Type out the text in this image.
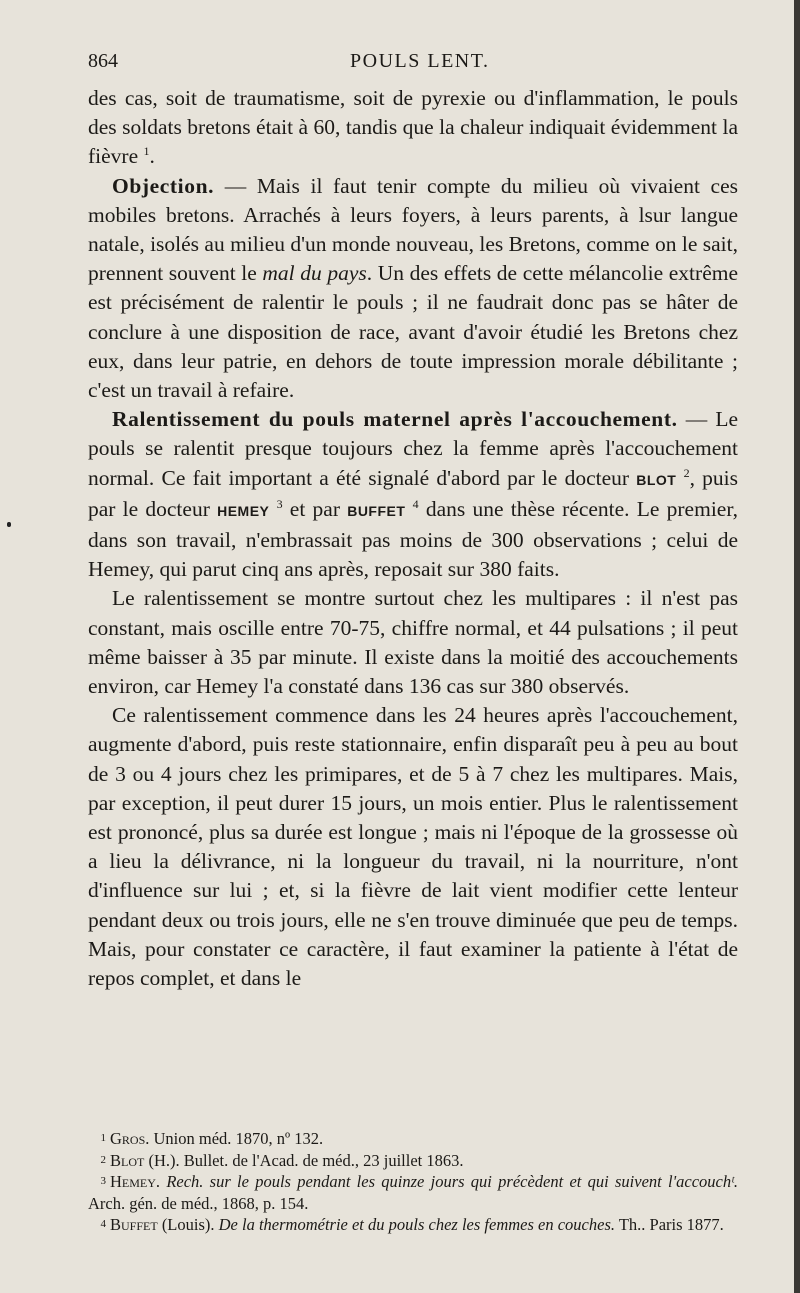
864	POULS LENT.

des cas, soit de traumatisme, soit de pyrexie ou d'inflammation, le pouls des soldats bretons était à 60, tandis que la chaleur indiquait évidemment la fièvre $^1$.

Objection. — Mais il faut tenir compte du milieu où vivaient ces mobiles bretons. Arrachés à leurs foyers, à leurs parents, à lsur langue natale, isolés au milieu d'un monde nouveau, les Bretons, comme on le sait, prennent souvent le mal du pays. Un des effets de cette mélancolie extrême est précisément de ralentir le pouls ; il ne faudrait donc pas se hâter de conclure à une disposition de race, avant d'avoir étudié les Bretons chez eux, dans leur patrie, en dehors de toute impression morale débilitante ; c'est un travail à refaire.

Ralentissement du pouls maternel après l'accouchement. — Le pouls se ralentit presque toujours chez la femme après l'accouchement normal. Ce fait important a été signalé d'abord par le docteur BLOT $^2$, puis par le docteur HEMEY $^3$ et par BUFFET $^4$ dans une thèse récente. Le premier, dans son travail, n'embrassait pas moins de 300 observations ; celui de Hemey, qui parut cinq ans après, reposait sur 380 faits.

Le ralentissement se montre surtout chez les multipares : il n'est pas constant, mais oscille entre 70-75, chiffre normal, et 44 pulsations ; il peut même baisser à 35 par minute. Il existe dans la moitié des accouchements environ, car Hemey l'a constaté dans 136 cas sur 380 observés.

Ce ralentissement commence dans les 24 heures après l'accouchement, augmente d'abord, puis reste stationnaire, enfin disparaît peu à peu au bout de 3 ou 4 jours chez les primipares, et de 5 à 7 chez les multipares. Mais, par exception, il peut durer 15 jours, un mois entier. Plus le ralentissement est prononcé, plus sa durée est longue ; mais ni l'époque de la grossesse où a lieu la délivrance, ni la longueur du travail, ni la nourriture, n'ont d'influence sur lui ; et, si la fièvre de lait vient modifier cette lenteur pendant deux ou trois jours, elle ne s'en trouve diminuée que peu de temps. Mais, pour constater ce caractère, il faut examiner la patiente à l'état de repos complet, et dans le

1 Gros. Union méd. 1870, nº 132.
2 Blot (H.). Bullet. de l'Acad. de méd., 23 juillet 1863.
3 Hemey. Rech. sur le pouls pendant les quinze jours qui précèdent et qui suivent l'accouchᵗ. Arch. gén. de méd., 1868, p. 154.
4 Buffet (Louis). De la thermométrie et du pouls chez les femmes en couches. Th.. Paris 1877.
